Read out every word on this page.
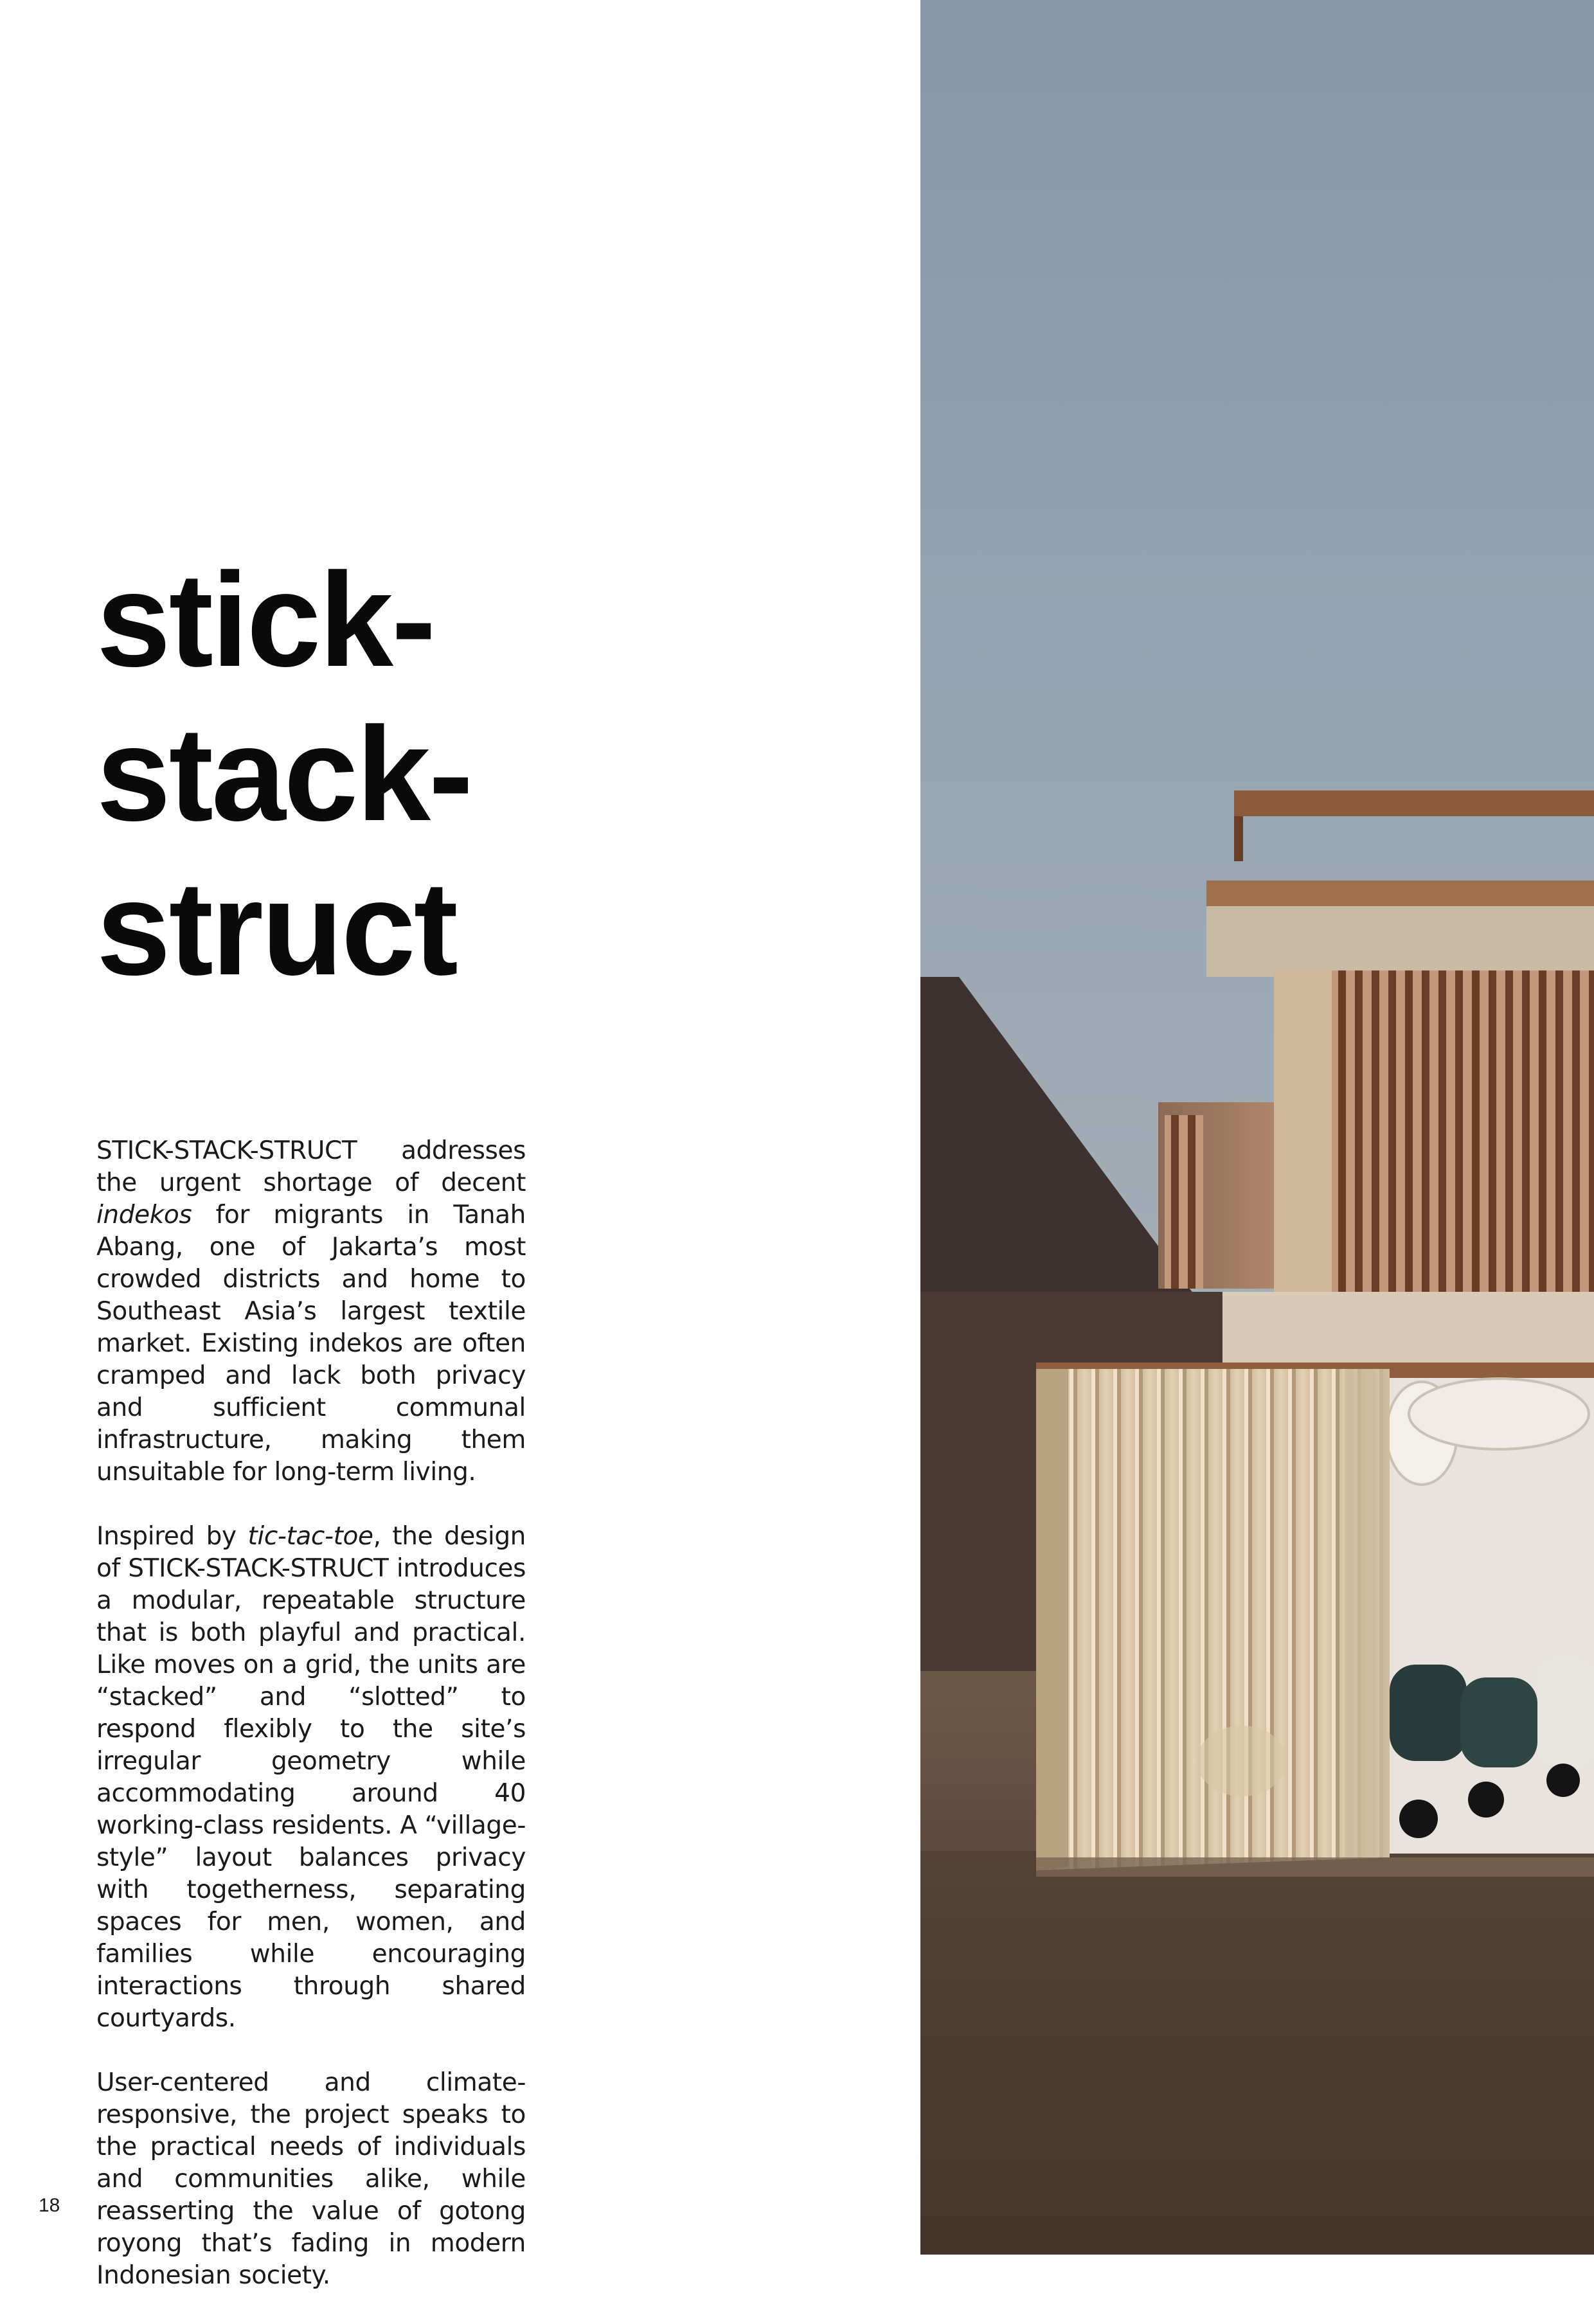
stick-
stack-
struct

STICK-STACK-STRUCT addresses the urgent shortage of decent indekos for migrants in Tanah Abang, one of Jakarta’s most crowded districts and home to Southeast Asia’s largest textile market. Existing indekos are often cramped and lack both privacy and sufficient communal infrastructure, making them unsuitable for long-term living.

Inspired by tic-tac-toe, the design of STICK-STACK-STRUCT introduces a modular, repeatable structure that is both playful and practical. Like moves on a grid, the units are “stacked” and “slotted” to respond flexibly to the site’s irregular geometry while accommodating around 40 working-class residents. A “village-style” layout balances privacy with togetherness, separating spaces for men, women, and families while encouraging interactions through shared courtyards.

User-centered and climate-responsive, the project speaks to the practical needs of individuals and communities alike, while reasserting the value of gotong royong that’s fading in modern Indonesian society.

18
